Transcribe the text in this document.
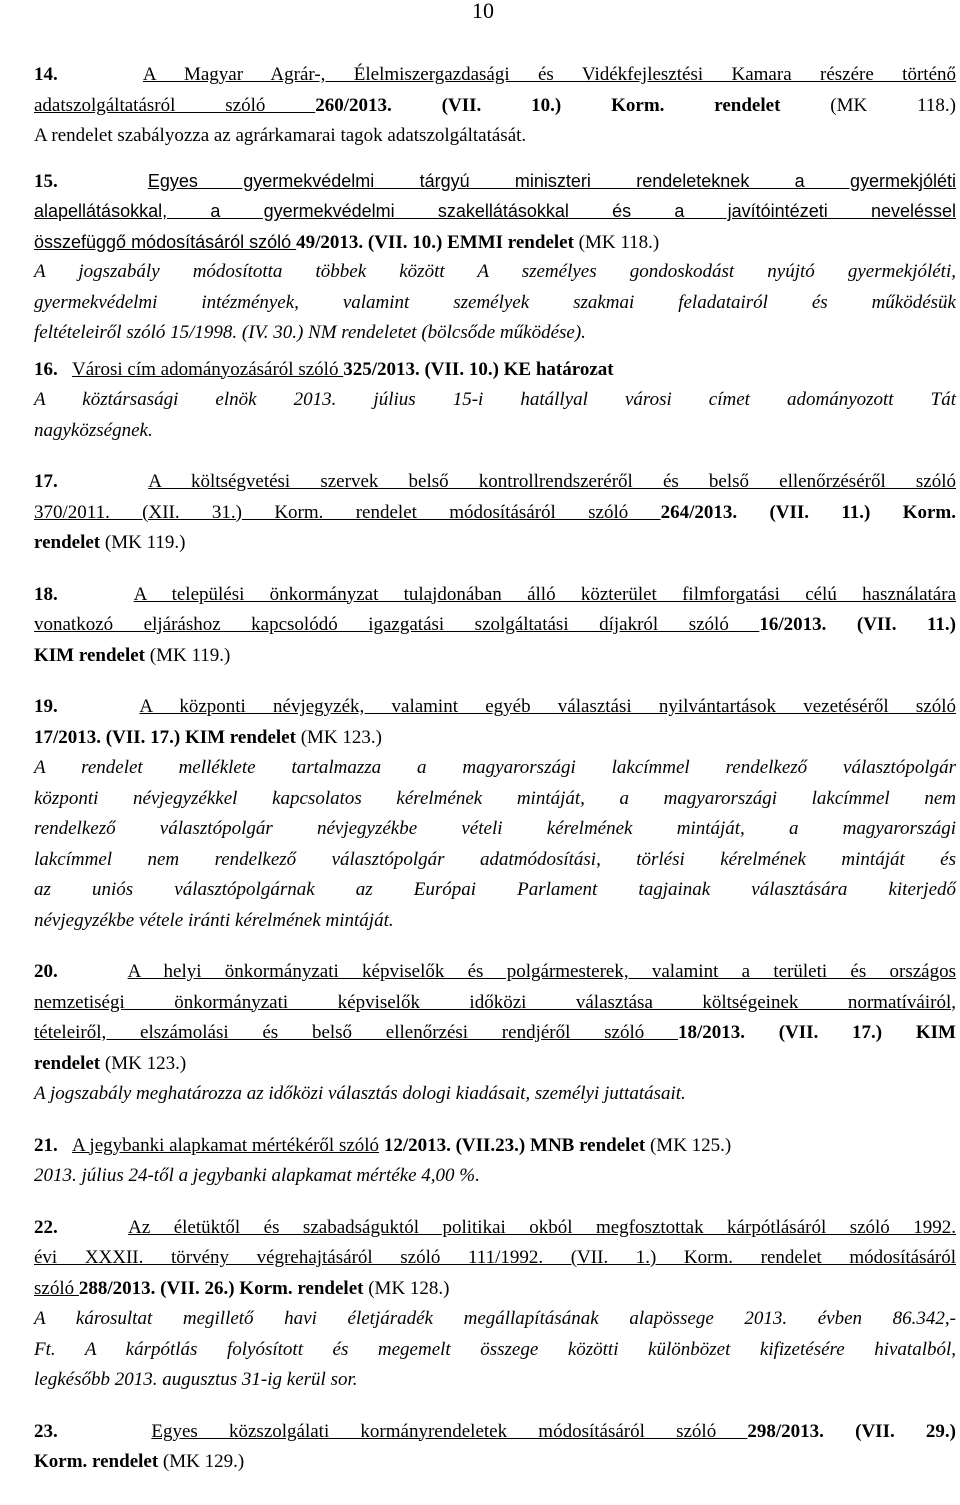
10
14.	A Magyar Agrár-, Élelmiszergazdasági és Vidékfejlesztési Kamara részére történő
adatszolgáltatásról szóló 260/2013. (VII. 10.) Korm. rendelet (MK 118.)
A rendelet szabályozza az agrárkamarai tagok adatszolgáltatását.
15.	Egyes gyermekvédelmi tárgyú miniszteri rendeleteknek a gyermekjóléti
alapellátásokkal, a gyermekvédelmi szakellátásokkal és a javítóintézeti neveléssel
összefüggő módosításáról szóló 49/2013. (VII. 10.) EMMI rendelet (MK 118.)
A jogszabály módosította többek között A személyes gondoskodást nyújtó gyermekjóléti,
gyermekvédelmi intézmények, valamint személyek szakmai feladatairól és működésük
feltételeiről szóló 15/1998. (IV. 30.) NM rendeletet (bölcsőde működése).
16. Városi cím adományozásáról szóló 325/2013. (VII. 10.) KE határozat
A köztársasági elnök 2013. július 15-i hatállyal városi címet adományozott Tát
nagyközségnek.
17.	A költségvetési szervek belső kontrollrendszeréről és belső ellenőrzéséről szóló
370/2011. (XII. 31.) Korm. rendelet módosításáról szóló 264/2013. (VII. 11.) Korm.
rendelet (MK 119.)
18.	A települési önkormányzat tulajdonában álló közterület filmforgatási célú használatára
vonatkozó eljáráshoz kapcsolódó igazgatási szolgáltatási díjakról szóló 16/2013. (VII. 11.)
KIM rendelet (MK 119.)
19.	A központi névjegyzék, valamint egyéb választási nyilvántartások vezetéséről szóló
17/2013. (VII. 17.) KIM rendelet (MK 123.)
A rendelet melléklete tartalmazza a magyarországi lakcímmel rendelkező választópolgár
központi névjegyzékkel kapcsolatos kérelmének mintáját, a magyarországi lakcímmel nem
rendelkező választópolgár névjegyzékbe vételi kérelmének mintáját, a magyarországi
lakcímmel nem rendelkező választópolgár adatmódosítási, törlési kérelmének mintáját és
az uniós választópolgárnak az Európai Parlament tagjainak választására kiterjedő
névjegyzékbe vétele iránti kérelmének mintáját.
20.	A helyi önkormányzati képviselők és polgármesterek, valamint a területi és országos
nemzetiségi önkormányzati képviselők időközi választása költségeinek normatíváiról,
tételeiről, elszámolási és belső ellenőrzési rendjéről szóló 18/2013. (VII. 17.) KIM
rendelet (MK 123.)
A jogszabály meghatározza az időközi választás dologi kiadásait, személyi juttatásait.
21. A jegybanki alapkamat mértékéről szóló 12/2013. (VII.23.) MNB rendelet (MK 125.)
2013. július 24-től a jegybanki alapkamat mértéke 4,00 %.
22.	Az életüktől és szabadságuktól politikai okból megfosztottak kárpótlásáról szóló 1992.
évi XXXII. törvény végrehajtásáról szóló 111/1992. (VII. 1.) Korm. rendelet módosításáról
szóló 288/2013. (VII. 26.) Korm. rendelet (MK 128.)
A károsultat megillető havi életjáradék megállapításának alapössege 2013. évben 86.342,-
Ft. A kárpótlás folyósított és megemelt összege közötti különbözet kifizetésére hivatalból,
legkésőbb 2013. augusztus 31-ig kerül sor.
23.	Egyes közszolgálati kormányrendeletek módosításáról szóló 298/2013. (VII. 29.)
Korm. rendelet (MK 129.)
